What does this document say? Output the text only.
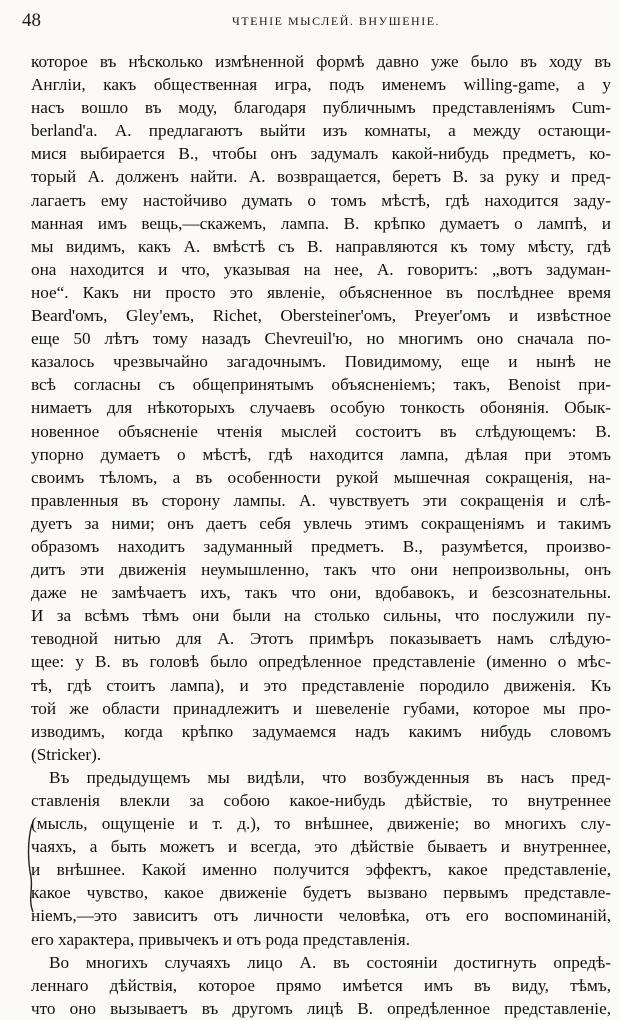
48	ЧТЕНІЕ МЫСЛЕЙ. ВНУШЕНІЕ.
которое въ нѣсколько измѣненной формѣ давно уже было въ ходу въ
Англіи, какъ общественная игра, подъ именемъ willing-game, а у
насъ вошло въ моду, благодаря публичнымъ представленіямъ Cum-
berland'а. А. предлагаютъ выйти изъ комнаты, а между остающи-
мися выбирается В., чтобы онъ задумалъ какой-нибудь предметъ, ко-
торый А. долженъ найти. А. возвращается, беретъ В. за руку и пред-
лагаетъ ему настойчиво думать о томъ мѣстѣ, гдѣ находится заду-
манная имъ вещь,—скажемъ, лампа. В. крѣпко думаетъ о лампѣ, и
мы видимъ, какъ А. вмѣстѣ съ В. направляются къ тому мѣсту, гдѣ
она находится и что, указывая на нее, А. говоритъ: „вотъ задуман-
ное“. Какъ ни просто это явленіе, объясненное въ послѣднее время
Beard'омъ, Gley'емъ, Richet, Obersteiner'омъ, Preyer'омъ и извѣстное
еще 50 лѣтъ тому назадъ Chevreuil'ю, но многимъ оно сначала по-
казалось чрезвычайно загадочнымъ. Повидимому, еще и нынѣ не
всѣ согласны съ общепринятымъ объясненіемъ; такъ, Benoist при-
нимаетъ для нѣкоторыхъ случаевъ особую тонкость обонянія. Обык-
новенное объясненіе чтенія мыслей состоитъ въ слѣдующемъ: В.
упорно думаетъ о мѣстѣ, гдѣ находится лампа, дѣлая при этомъ
своимъ тѣломъ, а въ особенности рукой мышечная сокращенія, на-
правленныя въ сторону лампы. А. чувствуетъ эти сокращенія и слѣ-
дуетъ за ними; онъ даетъ себя увлечь этимъ сокращеніямъ и такимъ
образомъ находитъ задуманный предметъ. В., разумѣется, произво-
дитъ эти движенія неумышленно, такъ что они непроизвольны, онъ
даже не замѣчаетъ ихъ, такъ что они, вдобавокъ, и безсознательны.
И за всѣмъ тѣмъ они были на столько сильны, что послужили пу-
теводной нитью для А. Этотъ примѣръ показываетъ намъ слѣдую-
щее: у В. въ головѣ было опредѣленное представленіе (именно о мѣс-
тѣ, гдѣ стоитъ лампа), и это представленіе породило движенія. Къ
той же области принадлежитъ и шевеленіе губами, которое мы про-
изводимъ, когда крѣпко задумаемся надъ какимъ нибудь словомъ
(Stricker).
Въ предыдущемъ мы видѣли, что возбужденныя въ насъ пред-
ставленія влекли за собою какое-нибудь дѣйствіе, то внутреннее
(мысль, ощущеніе и т. д.), то внѣшнее, движеніе; во многихъ слу-
чаяхъ, а быть можетъ и всегда, это дѣйствіе бываетъ и внутреннее,
и внѣшнее. Какой именно получится эффектъ, какое представленіе,
какое чувство, какое движеніе будетъ вызвано первымъ представле-
ніемъ,—это зависитъ отъ личности человѣка, отъ его воспоминаній,
его характера, привычекъ и отъ рода представленія.
Во многихъ случаяхъ лицо А. въ состояніи достигнуть опредѣ-
леннаго дѣйствія, которое прямо имѣется имъ въ виду, тѣмъ,
что оно вызываетъ въ другомъ лицѣ В. опредѣленное представленіе,
